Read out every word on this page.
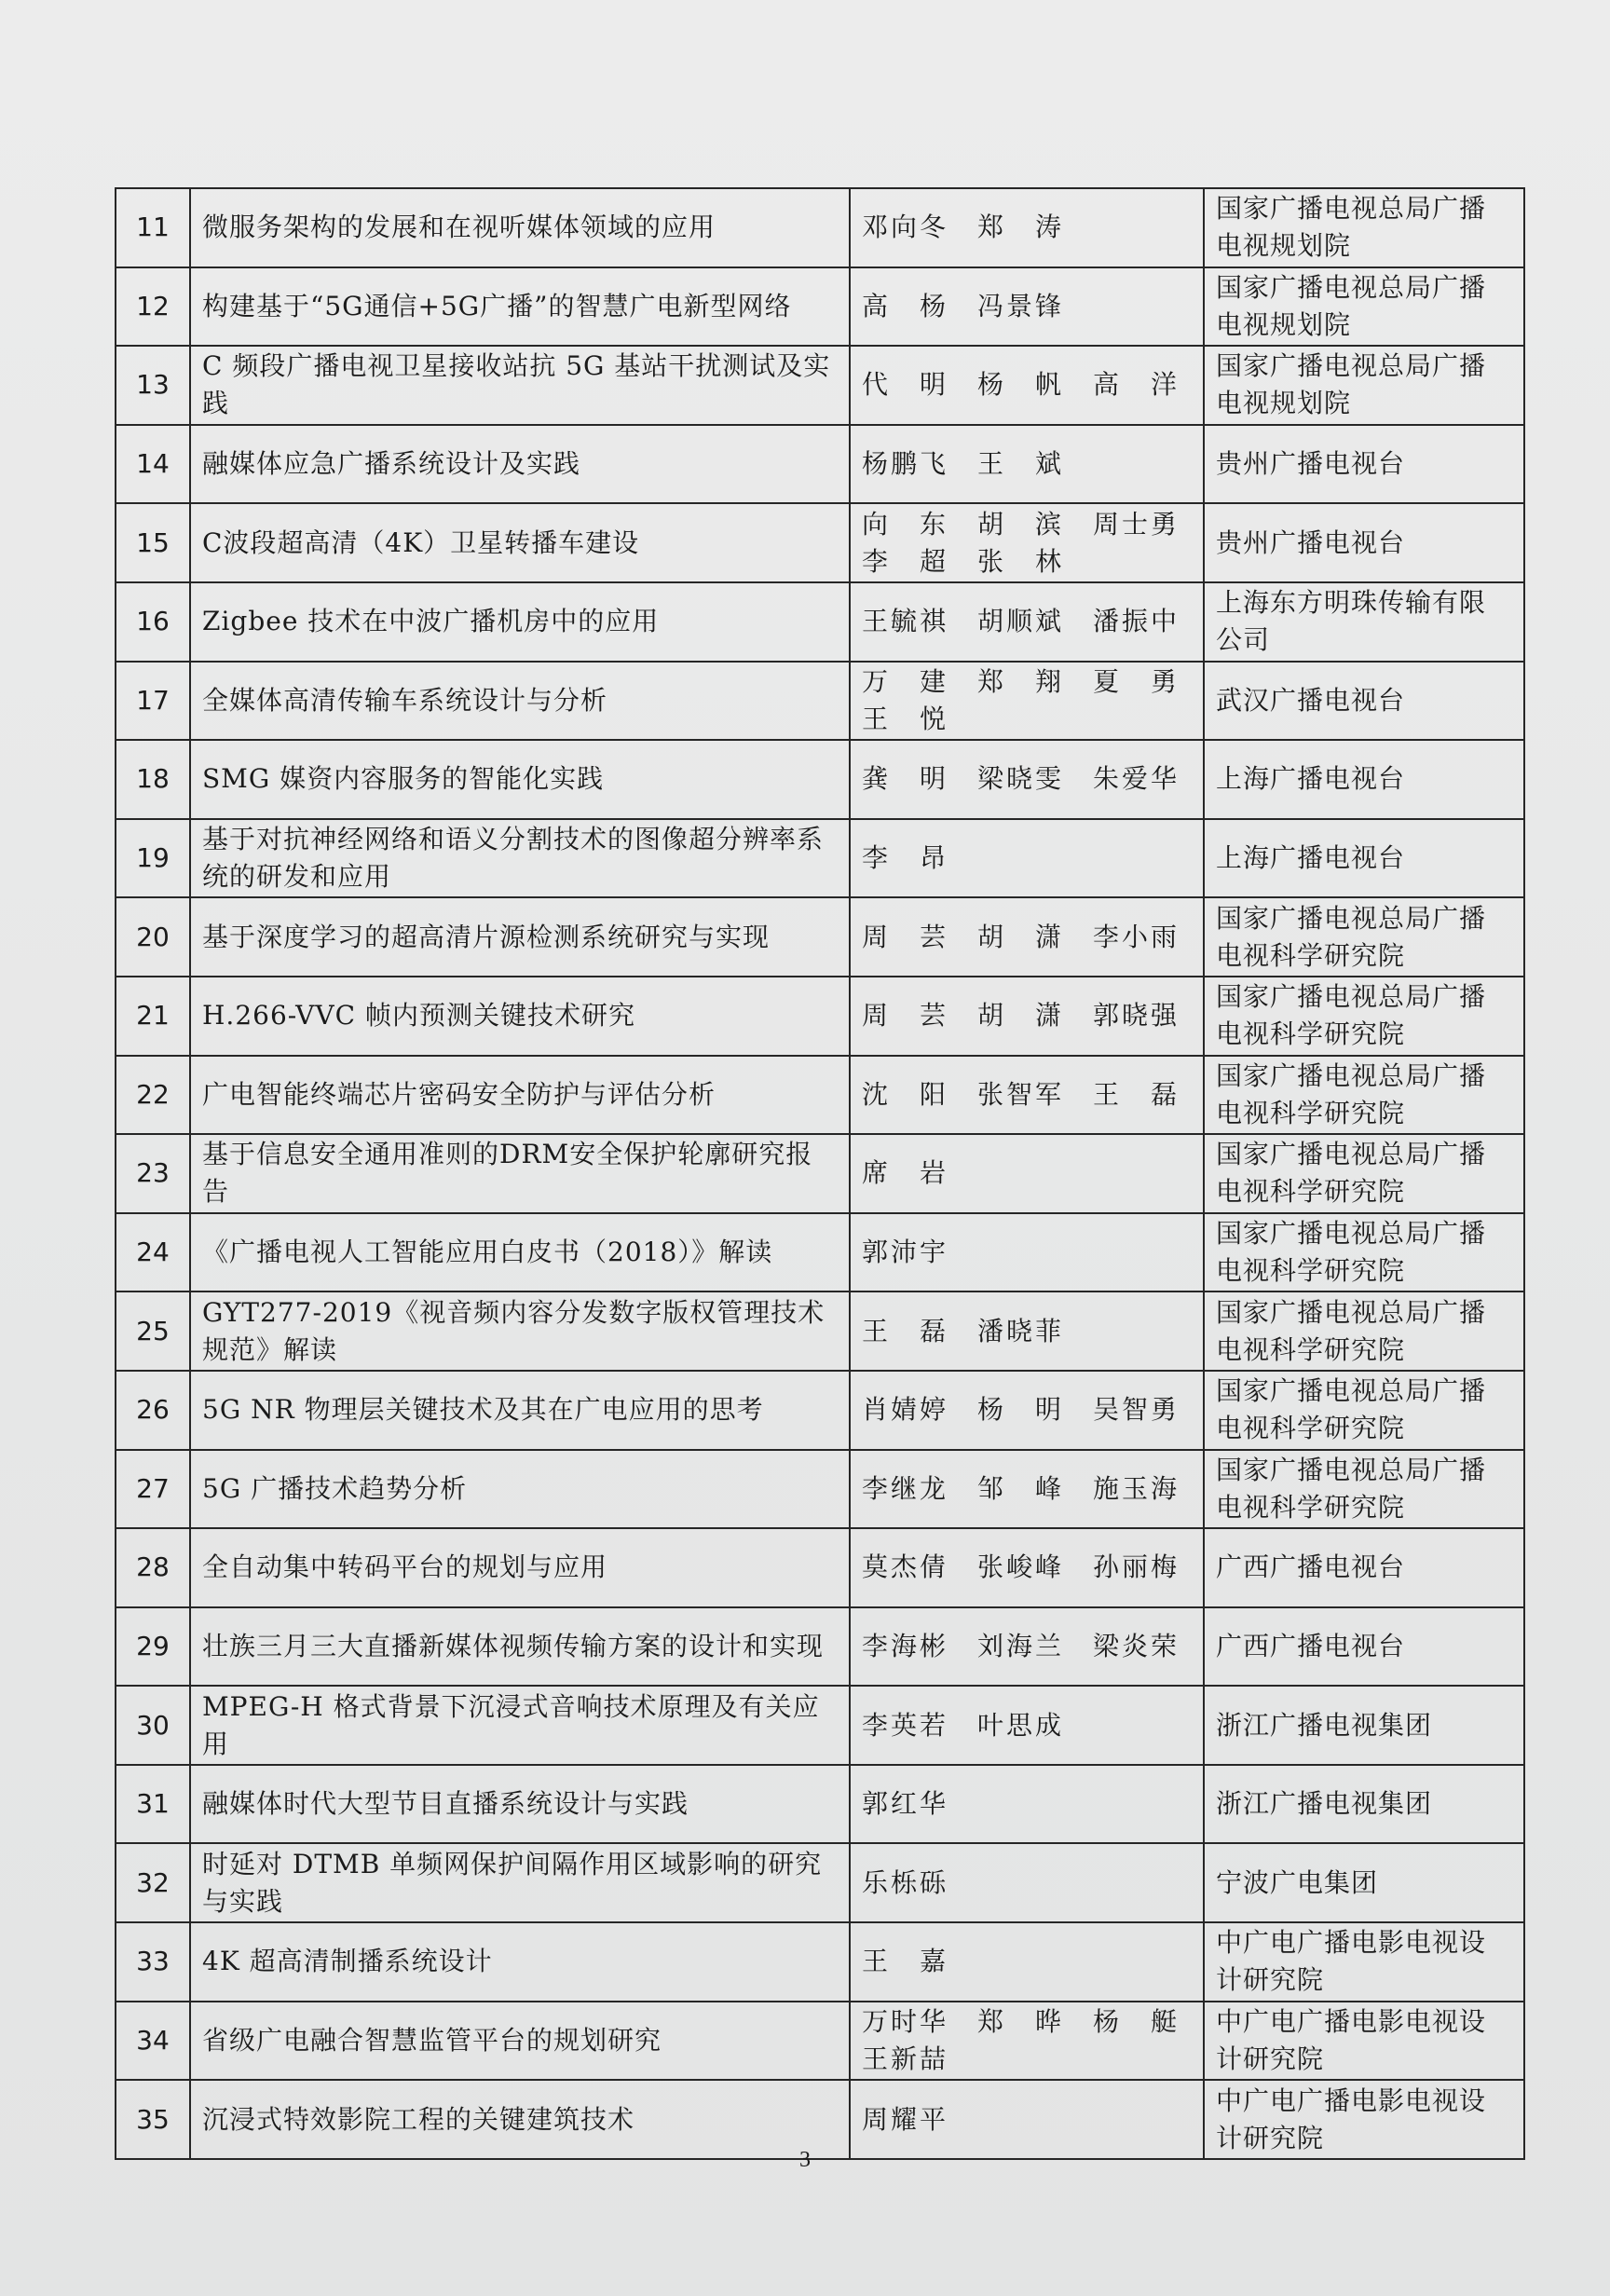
11	微服务架构的发展和在视听媒体领域的应用	邓向冬　郑　涛	国家广播电视总局广播电视规划院
12	构建基于“5G通信+5G广播”的智慧广电新型网络	高　杨　冯景锋	国家广播电视总局广播电视规划院
13	C 频段广播电视卫星接收站抗 5G 基站干扰测试及实践	代　明　杨　帆　高　洋	国家广播电视总局广播电视规划院
14	融媒体应急广播系统设计及实践	杨鹏飞　王　斌	贵州广播电视台
15	C波段超高清（4K）卫星转播车建设	向　东　胡　滨　周士勇　李　超　张　林	贵州广播电视台
16	Zigbee 技术在中波广播机房中的应用	王毓祺　胡顺斌　潘振中	上海东方明珠传输有限公司
17	全媒体高清传输车系统设计与分析	万　建　郑　翔　夏　勇　王　悦	武汉广播电视台
18	SMG 媒资内容服务的智能化实践	龚　明　梁晓雯　朱爱华	上海广播电视台
19	基于对抗神经网络和语义分割技术的图像超分辨率系统的研发和应用	李　昂	上海广播电视台
20	基于深度学习的超高清片源检测系统研究与实现	周　芸　胡　潇　李小雨	国家广播电视总局广播电视科学研究院
21	H.266-VVC 帧内预测关键技术研究	周　芸　胡　潇　郭晓强	国家广播电视总局广播电视科学研究院
22	广电智能终端芯片密码安全防护与评估分析	沈　阳　张智军　王　磊	国家广播电视总局广播电视科学研究院
23	基于信息安全通用准则的DRM安全保护轮廓研究报告	席　岩	国家广播电视总局广播电视科学研究院
24	《广播电视人工智能应用白皮书（2018）》解读	郭沛宇	国家广播电视总局广播电视科学研究院
25	GYT277-2019《视音频内容分发数字版权管理技术规范》解读	王　磊　潘晓菲	国家广播电视总局广播电视科学研究院
26	5G NR 物理层关键技术及其在广电应用的思考	肖婧婷　杨　明　吴智勇	国家广播电视总局广播电视科学研究院
27	5G 广播技术趋势分析	李继龙　邹　峰　施玉海	国家广播电视总局广播电视科学研究院
28	全自动集中转码平台的规划与应用	莫杰倩　张峻峰　孙丽梅	广西广播电视台
29	壮族三月三大直播新媒体视频传输方案的设计和实现	李海彬　刘海兰　梁炎荣	广西广播电视台
30	MPEG-H 格式背景下沉浸式音响技术原理及有关应用	李英若　叶思成	浙江广播电视集团
31	融媒体时代大型节目直播系统设计与实践	郭红华	浙江广播电视集团
32	时延对 DTMB 单频网保护间隔作用区域影响的研究与实践	乐栎砾	宁波广电集团
33	4K 超高清制播系统设计	王　嘉	中广电广播电影电视设计研究院
34	省级广电融合智慧监管平台的规划研究	万时华　郑　晔　杨　艇　王新喆	中广电广播电影电视设计研究院
35	沉浸式特效影院工程的关键建筑技术	周耀平	中广电广播电影电视设计研究院
3
